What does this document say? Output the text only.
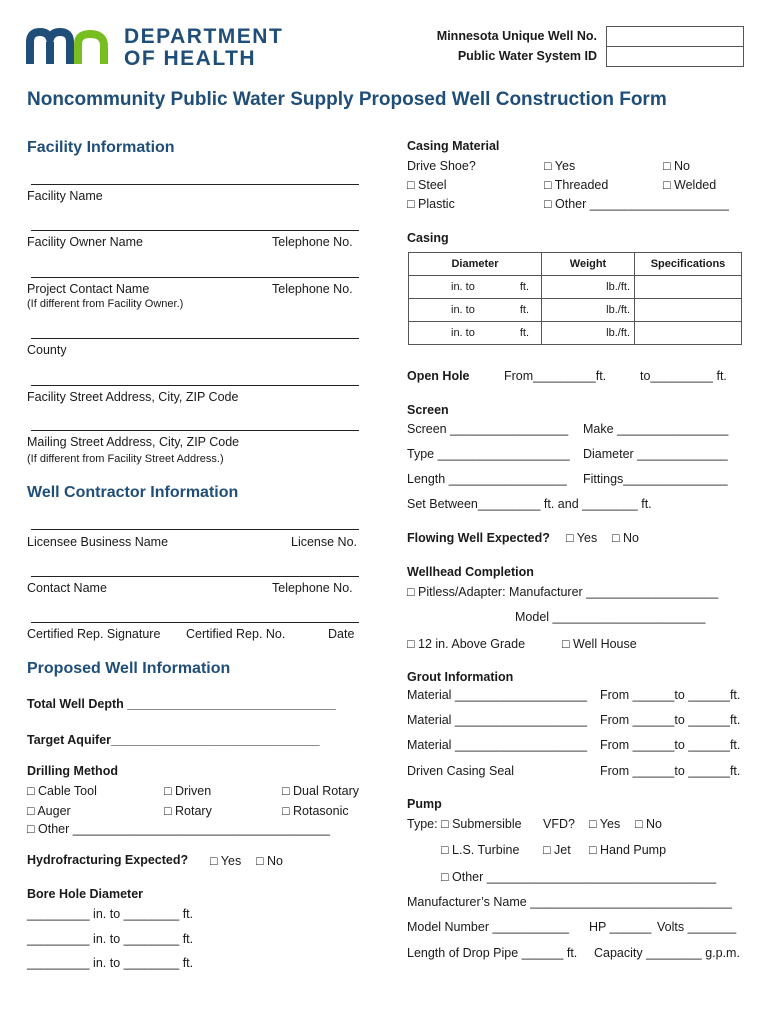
DEPARTMENT
OF HEALTH
Minnesota Unique Well No.
Public Water System ID
Noncommunity Public Water Supply Proposed Well Construction Form
Facility Information
Facility Name
Facility Owner Name	Telephone No.
Project Contact Name	Telephone No.
(If different from Facility Owner.)
County
Facility Street Address, City, ZIP Code
Mailing Street Address, City, ZIP Code
(If different from Facility Street Address.)
Well Contractor Information
Licensee Business Name	License No.
Contact Name	Telephone No.
Certified Rep. Signature Certified Rep. No.	Date
Proposed Well Information
Total Well Depth ______________________________
Target Aquifer______________________________
Drilling Method
□ Cable Tool	□ Driven	□ Dual Rotary
□ Auger	□ Rotary	□ Rotasonic
□ Other _____________________________________
Hydrofracturing Expected? □ Yes □ No
Bore Hole Diameter
_________ in. to ________ ft.
_________ in. to ________ ft.
_________ in. to ________ ft.
Casing Material
Drive Shoe?	□ Yes	□ No
□ Steel	□ Threaded	□ Welded
□ Plastic	□ Other ____________________
Casing
Diameter	Weight	Specifications
in. to ft.	lb./ft.	
in. to ft.	lb./ft.	
in. to ft.	lb./ft.	
Open Hole	From_________ft.	to_________ ft.
Screen
Screen _________________ Make ________________
Type ___________________ Diameter _____________
Length _________________ Fittings_______________
Set Between_________ ft. and ________ ft.
Flowing Well Expected? □ Yes □ No
Wellhead Completion
□ Pitless/Adapter: Manufacturer ___________________
Model ______________________
□ 12 in. Above Grade	□ Well House
Grout Information
Material ___________________ From ______to ______ft.
Material ___________________ From ______to ______ft.
Material ___________________ From ______to ______ft.
Driven Casing Seal	From ______to ______ft.
Pump
Type: □ Submersible VFD? □ Yes □ No
□ L.S. Turbine □ Jet □ Hand Pump
□ Other _________________________________
Manufacturer’s Name _____________________________
Model Number ___________ HP ______ Volts _______
Length of Drop Pipe ______ ft. Capacity ________ g.p.m.
